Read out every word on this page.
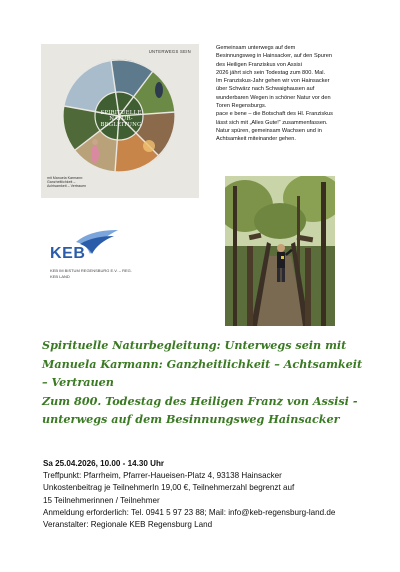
UNTERWEGS SEIN
SPIRITUELLE
NATUR-
BEGLEITUNG
mit Manuela Karmann:
Ganzheitlichkeit –
Achtsamkeit – Vertrauen
Gemeinsam unterwegs auf dem
Besinnungsweg in Hainsacker, auf den Spuren
des Heiligen Franziskus von Assisi
2026 jährt sich sein Todestag zum 800. Mal.
Im Franziskus-Jahr gehen wir von Hainsacker
über Schwärz nach Schwaighausen auf
wunderbaren Wegen in schöner Natur vor den
Toren Regensburgs.
pace e bene – die Botschaft des Hl. Franziskus
lässt sich mit „Alles Gute!“ zusammenfassen.
Natur spüren, gemeinsam Wachsen und in
Achtsamkeit miteinander gehen.
KEB
KEB IM BISTUM REGENSBURG E.V. – REG.
KEB LAND
Spirituelle Naturbegleitung: Unterwegs sein mit
Manuela Karmann: Ganzheitlichkeit – Achtsamkeit
– Vertrauen
Zum 800. Todestag des Heiligen Franz von Assisi -
unterwegs auf dem Besinnungsweg Hainsacker
Sa 25.04.2026, 10.00 - 14.30 Uhr
Treffpunkt: Pfarrheim, Pfarrer-Haueisen-Platz 4, 93138 Hainsacker
Unkostenbeitrag je TeilnehmerIn 19,00 €, Teilnehmerzahl begrenzt auf
15 Teilnehmerinnen / Teilnehmer
Anmeldung erforderlich: Tel. 0941 5 97 23 88; Mail: info@keb-regensburg-land.de
Veranstalter: Regionale KEB Regensburg Land
